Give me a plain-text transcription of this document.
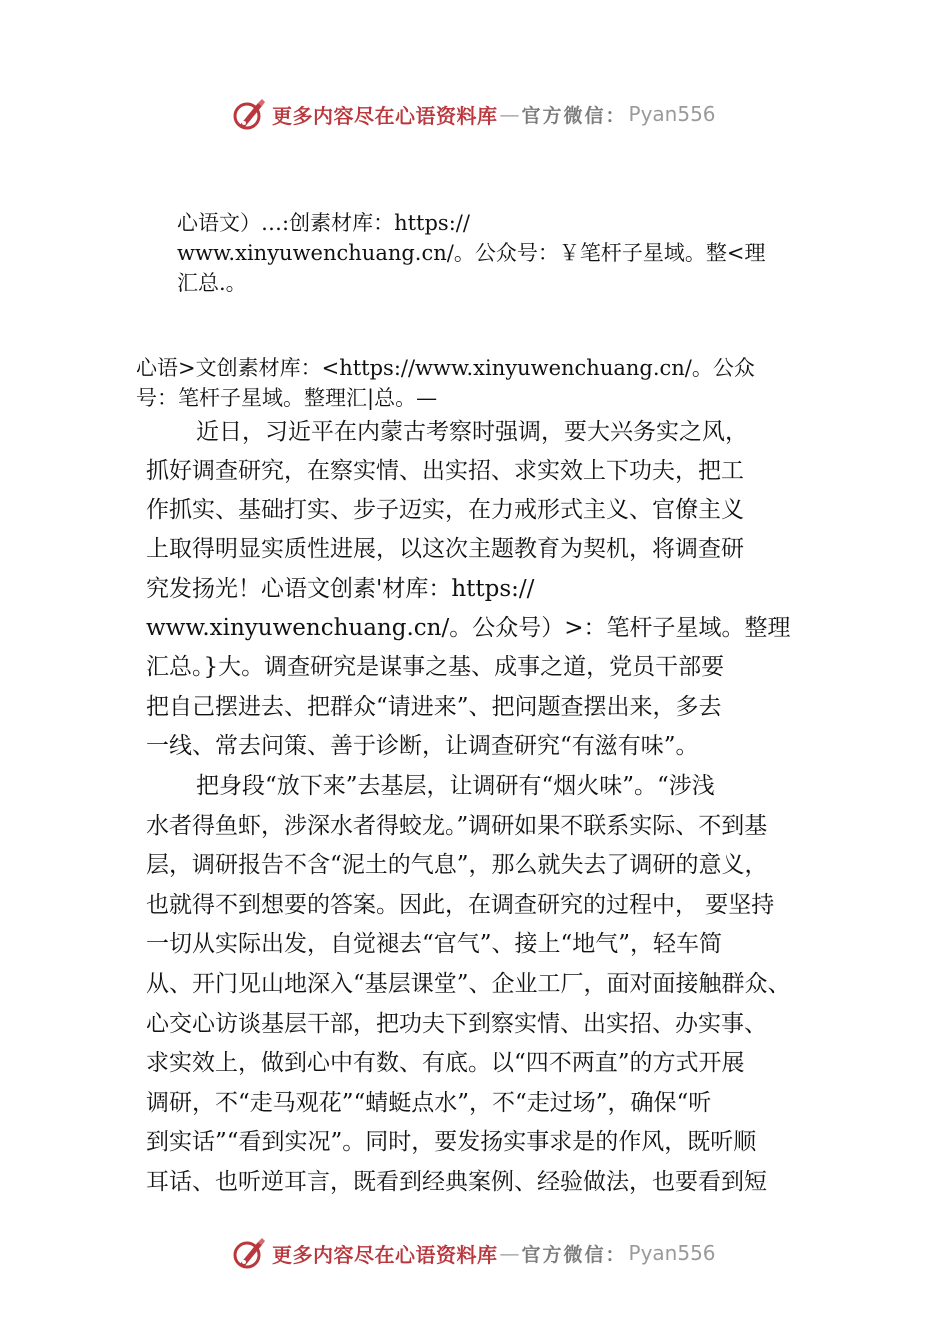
更多内容尽在心语资料库 — 官方微信： Pyan556

心语文）…:创素材库：https://

www.xinyuwenchuang.cn/。公众号：￥笔杆子星域。整<理

汇总.。

心语>文创素材库：<https://www.xinyuwenchuang.cn/。公众

号：笔杆子星域。整理汇|总。—

近日，习近平在内蒙古考察时强调，要大兴务实之风，

抓好调查研究，在察实情、出实招、求实效上下功夫，把工

作抓实、基础打实、步子迈实，在力戒形式主义、官僚主义

上取得明显实质性进展，以这次主题教育为契机，将调查研

究发扬光！心语文创素'材库：https://

www.xinyuwenchuang.cn/。公众号）>：笔杆子星域。整理

汇总。}大。调查研究是谋事之基、成事之道，党员干部要

把自己摆进去、把群众“请进来”、把问题查摆出来，多去

一线、常去问策、善于诊断，让调查研究“有滋有味”。

把身段“放下来”去基层，让调研有“烟火味”。“涉浅

水者得鱼虾，涉深水者得蛟龙。”调研如果不联系实际、不到基

层，调研报告不含“泥土的气息”，那么就失去了调研的意义，

也就得不到想要的答案。因此，在调查研究的过程中， 要坚持

一切从实际出发，自觉褪去“官气”、接上“地气”，轻车简

从、开门见山地深入“基层课堂”、企业工厂，面对面接触群众、

心交心访谈基层干部，把功夫下到察实情、出实招、办实事、

求实效上，做到心中有数、有底。以“四不两直”的方式开展

调研，不“走马观花”“蜻蜓点水”，不“走过场”，确保“听

到实话”“看到实况”。同时，要发扬实事求是的作风，既听顺

耳话、也听逆耳言，既看到经典案例、经验做法，也要看到短

更多内容尽在心语资料库 — 官方微信： Pyan556
